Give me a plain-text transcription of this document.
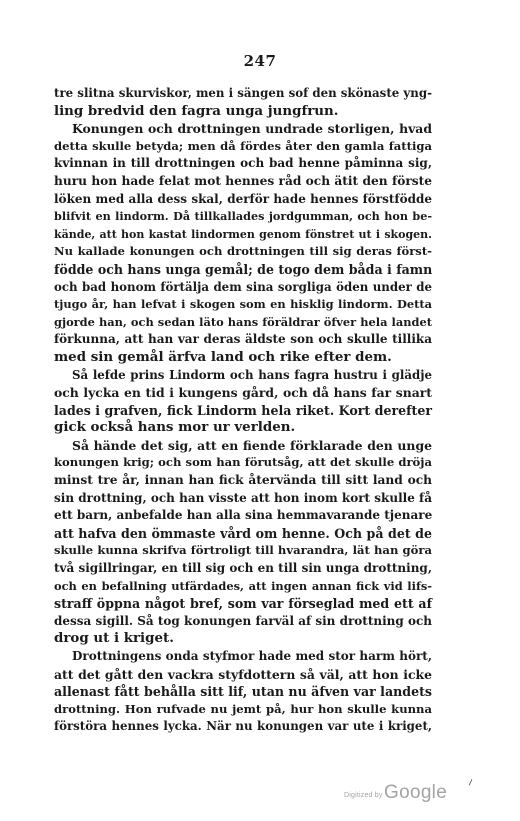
247
tre slitna skurviskor, men i sängen sof den skönaste yng-
ling bredvid den fagra unga jungfrun.
Konungen och drottningen undrade storligen, hvad
detta skulle betyda; men då fördes åter den gamla fattiga
kvinnan in till drottningen och bad henne påminna sig,
huru hon hade felat mot hennes råd och ätit den förste
löken med alla dess skal, derför hade hennes förstfödde
blifvit en lindorm. Då tillkallades jordgumman, och hon be-
kände, att hon kastat lindormen genom fönstret ut i skogen.
Nu kallade konungen och drottningen till sig deras först-
födde och hans unga gemål; de togo dem båda i famn
och bad honom förtälja dem sina sorgliga öden under de
tjugo år, han lefvat i skogen som en hisklig lindorm. Detta
gjorde han, och sedan läto hans föräldrar öfver hela landet
förkunna, att han var deras äldste son och skulle tillika
med sin gemål ärfva land och rike efter dem.
Så lefde prins Lindorm och hans fagra hustru i glädje
och lycka en tid i kungens gård, och då hans far snart
lades i grafven, fick Lindorm hela riket. Kort derefter
gick också hans mor ur verlden.
Så hände det sig, att en fiende förklarade den unge
konungen krig; och som han förutsåg, att det skulle dröja
minst tre år, innan han fick återvända till sitt land och
sin drottning, och han visste att hon inom kort skulle få
ett barn, anbefalde han alla sina hemmavarande tjenare
att hafva den ömmaste vård om henne. Och på det de
skulle kunna skrifva förtroligt till hvarandra, lät han göra
två sigillringar, en till sig och en till sin unga drottning,
och en befallning utfärdades, att ingen annan fick vid lifs-
straff öppna något bref, som var förseglad med ett af
dessa sigill. Så tog konungen farväl af sin drottning och
drog ut i kriget.
Drottningens onda styfmor hade med stor harm hört,
att det gått den vackra styfdottern så väl, att hon icke
allenast fått behålla sitt lif, utan nu äfven var landets
drottning. Hon rufvade nu jemt på, hur hon skulle kunna
förstöra hennes lycka. När nu konungen var ute i kriget,
⸝
Digitized by Google
